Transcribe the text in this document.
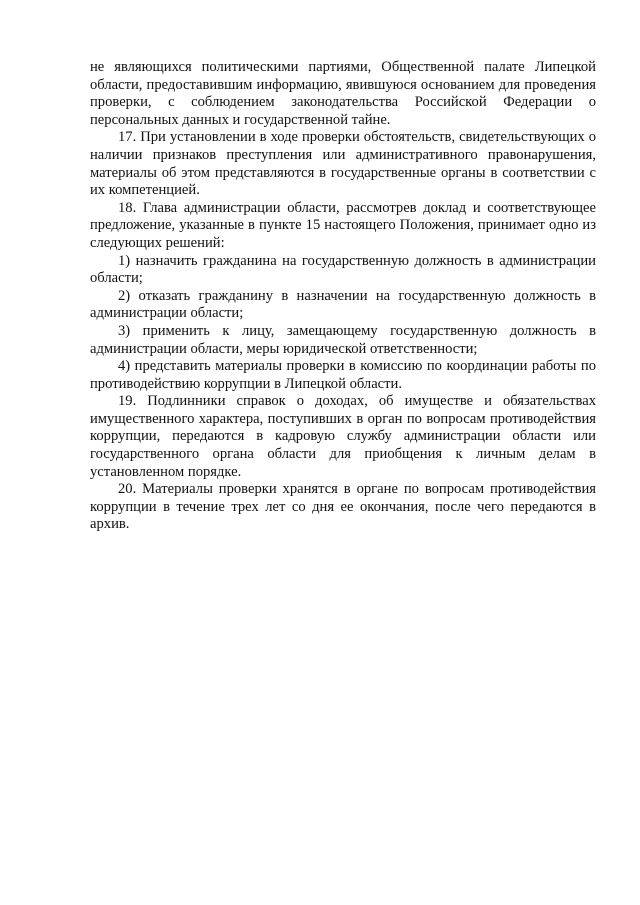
не являющихся политическими партиями, Общественной палате Липецкой области, предоставившим информацию, явившуюся основанием для проведения проверки, с соблюдением законодательства Российской Федерации о персональных данных и государственной тайне.

17. При установлении в ходе проверки обстоятельств, свидетельствующих о наличии признаков преступления или административного правонарушения, материалы об этом представляются в государственные органы в соответствии с их компетенцией.

18. Глава администрации области, рассмотрев доклад и соответствующее предложение, указанные в пункте 15 настоящего Положения, принимает одно из следующих решений:

1) назначить гражданина на государственную должность в администрации области;

2) отказать гражданину в назначении на государственную должность в администрации области;

3) применить к лицу, замещающему государственную должность в администрации области, меры юридической ответственности;

4) представить материалы проверки в комиссию по координации работы по противодействию коррупции в Липецкой области.

19. Подлинники справок о доходах, об имуществе и обязательствах имущественного характера, поступивших в орган по вопросам противодействия коррупции, передаются в кадровую службу администрации области или государственного органа области для приобщения к личным делам в установленном порядке.

20. Материалы проверки хранятся в органе по вопросам противодействия коррупции в течение трех лет со дня ее окончания, после чего передаются в архив.
